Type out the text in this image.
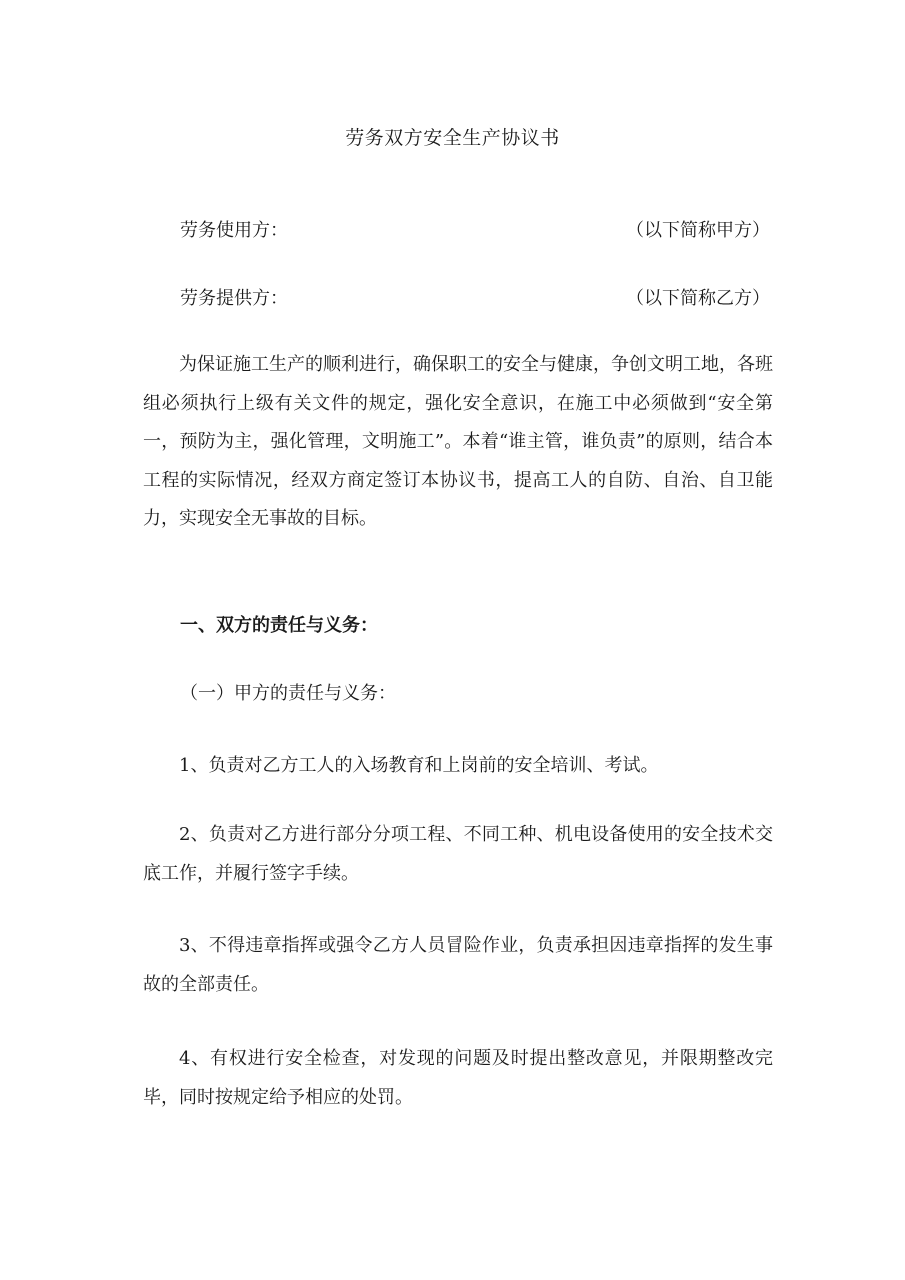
劳务双方安全生产协议书
劳务使用方：	（以下简称甲方）
劳务提供方：	（以下简称乙方）

为保证施工生产的顺利进行，确保职工的安全与健康，争创文明工地，各班组必须执行上级有关文件的规定，强化安全意识，在施工中必须做到“安全第一，预防为主，强化管理，文明施工”。本着“谁主管，谁负责”的原则，结合本工程的实际情况，经双方商定签订本协议书，提高工人的自防、自治、自卫能力，实现安全无事故的目标。

一、双方的责任与义务：
（一）甲方的责任与义务：

1、负责对乙方工人的入场教育和上岗前的安全培训、考试。

2、负责对乙方进行部分分项工程、不同工种、机电设备使用的安全技术交底工作，并履行签字手续。

3、不得违章指挥或强令乙方人员冒险作业，负责承担因违章指挥的发生事故的全部责任。

4、有权进行安全检查，对发现的问题及时提出整改意见，并限期整改完毕，同时按规定给予相应的处罚。
